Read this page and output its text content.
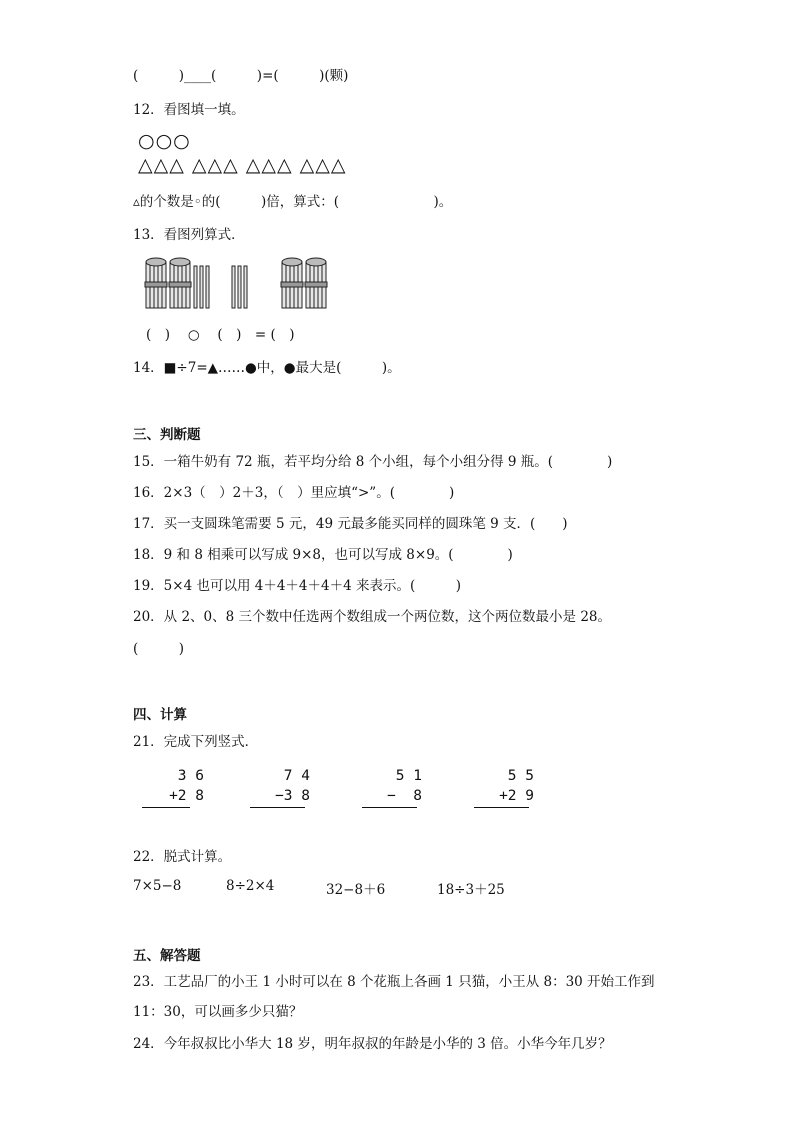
(　　　)____(　　　)=(　　　)(颗)
12．看图填一填。
○○○
△△△ △△△ △△△ △△△
▵的个数是◦的(　　　)倍，算式：(　　　　　　　)。
13．看图列算式．
(　)　 ○　 (　)　= (　)
14．■÷7=▲……●中，●最大是(　　　)。
三、判断题
15．一箱牛奶有 72 瓶，若平均分给 8 个小组，每个小组分得 9 瓶。(　　　　)
16．2×3（　）2＋3，（　）里应填“>”。(　　　　)
17．买一支圆珠笔需要 5 元，49 元最多能买同样的圆珠笔 9 支．(　　)
18．9 和 8 相乘可以写成 9×8，也可以写成 8×9。(　　　　)
19．5×4 也可以用 4＋4＋4＋4＋4 来表示。(　　　)
20．从 2、0、8 三个数中任选两个数组成一个两位数，这个两位数最小是 28。
(　　　)
四、计算
21．完成下列竖式．
3 6
+2 8
7 4
−3 8
5 1
−  8
5 5
+2 9
22．脱式计算。
7×5−8	8÷2×4	32−8＋6	18÷3＋25
五、解答题
23．工艺品厂的小王 1 小时可以在 8 个花瓶上各画 1 只猫，小王从 8：30 开始工作到
11：30，可以画多少只猫？
24．今年叔叔比小华大 18 岁，明年叔叔的年龄是小华的 3 倍。小华今年几岁？
